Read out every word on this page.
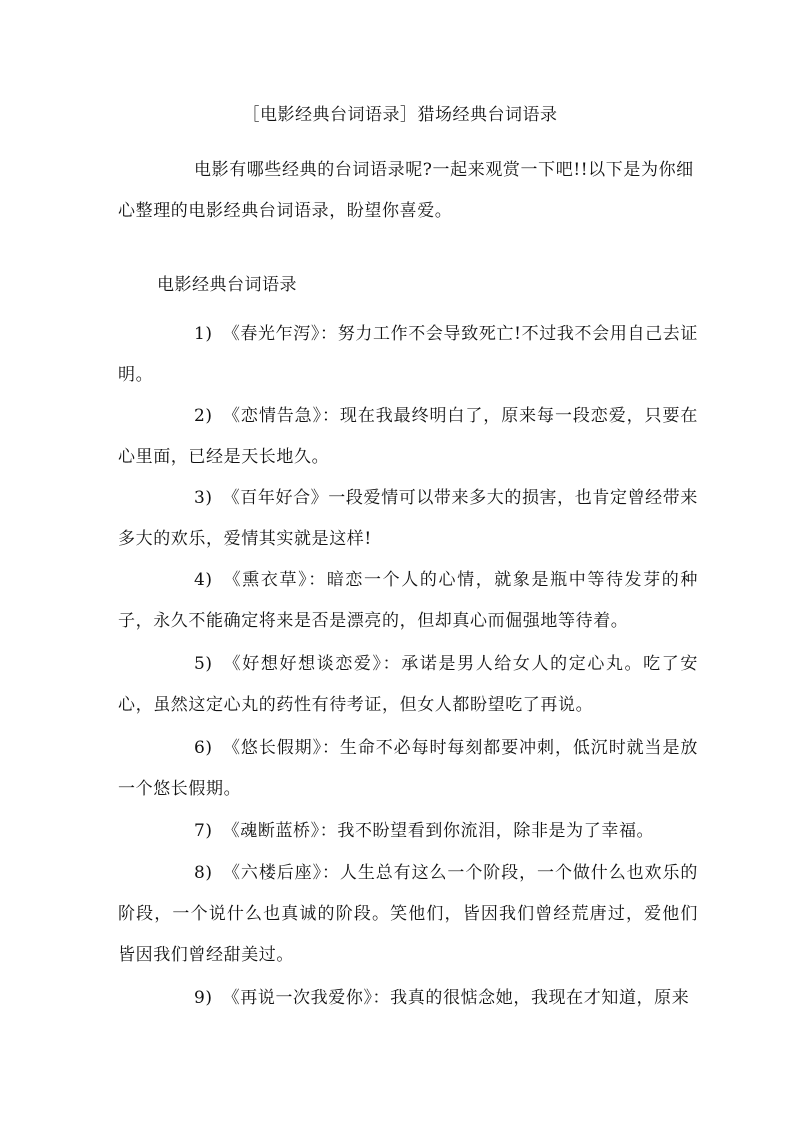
［电影经典台词语录］猎场经典台词语录

电影有哪些经典的台词语录呢?一起来观赏一下吧!!以下是为你细心整理的电影经典台词语录，盼望你喜爱。

电影经典台词语录

1) 《春光乍泻》：努力工作不会导致死亡!不过我不会用自己去证明。

2) 《恋情告急》：现在我最终明白了，原来每一段恋爱，只要在心里面，已经是天长地久。

3) 《百年好合》一段爱情可以带来多大的损害，也肯定曾经带来多大的欢乐，爱情其实就是这样!

4) 《熏衣草》：暗恋一个人的心情，就象是瓶中等待发芽的种子，永久不能确定将来是否是漂亮的，但却真心而倔强地等待着。

5) 《好想好想谈恋爱》：承诺是男人给女人的定心丸。吃了安心，虽然这定心丸的药性有待考证，但女人都盼望吃了再说。

6) 《悠长假期》：生命不必每时每刻都要冲刺，低沉时就当是放一个悠长假期。

7) 《魂断蓝桥》：我不盼望看到你流泪，除非是为了幸福。

8) 《六楼后座》：人生总有这么一个阶段，一个做什么也欢乐的阶段，一个说什么也真诚的阶段。笑他们，皆因我们曾经荒唐过，爱他们皆因我们曾经甜美过。

9) 《再说一次我爱你》：我真的很惦念她，我现在才知道，原来
